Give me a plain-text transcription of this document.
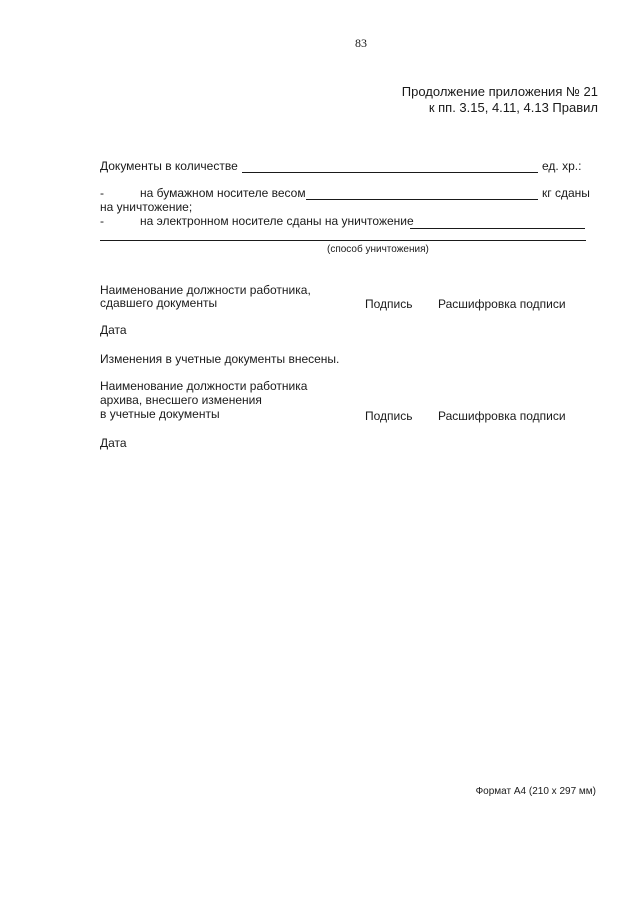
83
Продолжение приложения № 21
к пп. 3.15, 4.11, 4.13 Правил
Документы в количестве	ед. хр.:
-	на бумажном носителе весом	кг сданы
на уничтожение;
-	на электронном носителе сданы на уничтожение
(способ уничтожения)
Наименование должности работника,
сдавшего документы	Подпись Расшифровка подписи
Дата
Изменения в учетные документы внесены.
Наименование должности работника
архива, внесшего изменения
в учетные документы	Подпись Расшифровка подписи
Дата
Формат А4 (210 х 297 мм)
